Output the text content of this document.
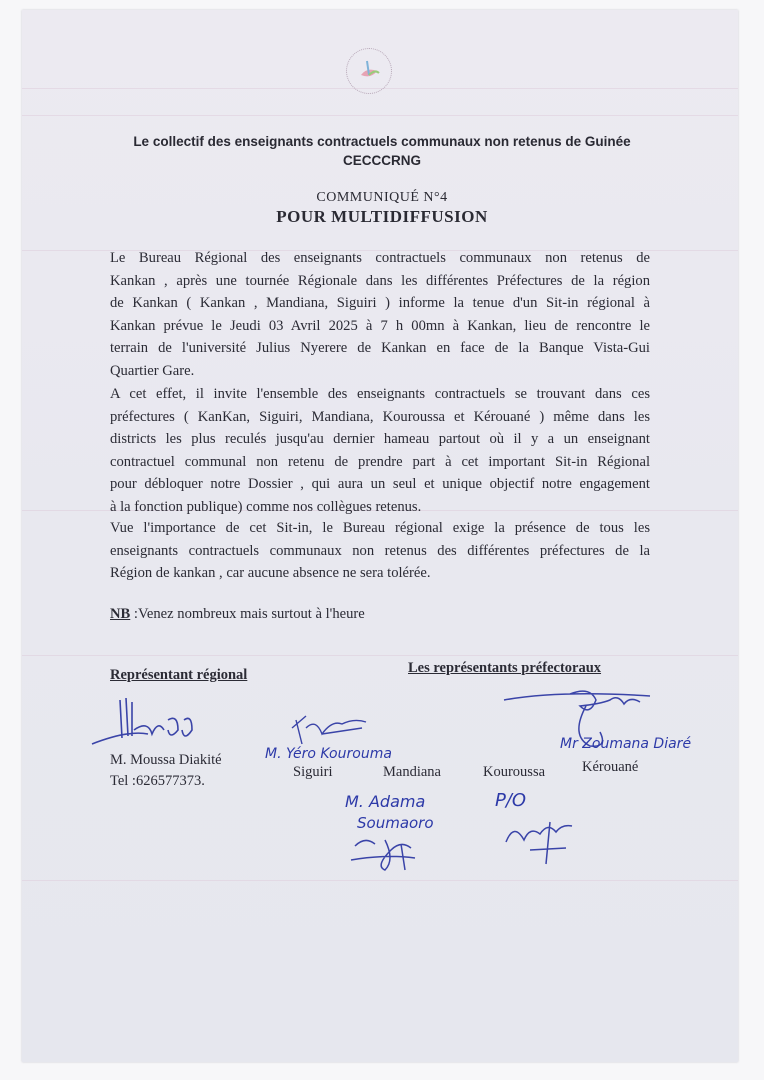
Le collectif des enseignants contractuels communaux non retenus de Guinée
CECCCRNG
COMMUNIQUÉ N°4
POUR MULTIDIFFUSION
Le Bureau Régional des enseignants contractuels communaux non retenus de
Kankan , après une tournée Régionale dans les différentes Préfectures de la région
de Kankan ( Kankan , Mandiana, Siguiri ) informe la tenue d'un Sit-in régional à
Kankan prévue le Jeudi 03 Avril 2025 à 7 h 00mn à Kankan, lieu de rencontre le
terrain de l'université Julius Nyerere de Kankan en face de la Banque Vista-Gui
Quartier Gare.
A cet effet, il invite l'ensemble des enseignants contractuels se trouvant dans ces
préfectures ( KanKan, Siguiri, Mandiana, Kouroussa et Kérouané ) même dans les
districts les plus reculés jusqu'au dernier hameau partout où il y a un enseignant
contractuel communal non retenu de prendre part à cet important Sit-in Régional
pour débloquer notre Dossier , qui aura un seul et unique objectif notre engagement
à la fonction publique) comme nos collègues retenus.
Vue l'importance de cet Sit-in, le Bureau régional exige la présence de tous les
enseignants contractuels communaux non retenus des différentes préfectures de la
Région de kankan , car aucune absence ne sera tolérée.
NB :Venez nombreux mais surtout à l'heure
Représentant régional	Les représentants préfectoraux
M. Moussa Diakité
Tel :626577373.
M. Yéro Kourouma
Mr Zoumana Diaré
Siguiri	Mandiana	Kouroussa	Kérouané
M. Adama
Soumaoro
P/O
